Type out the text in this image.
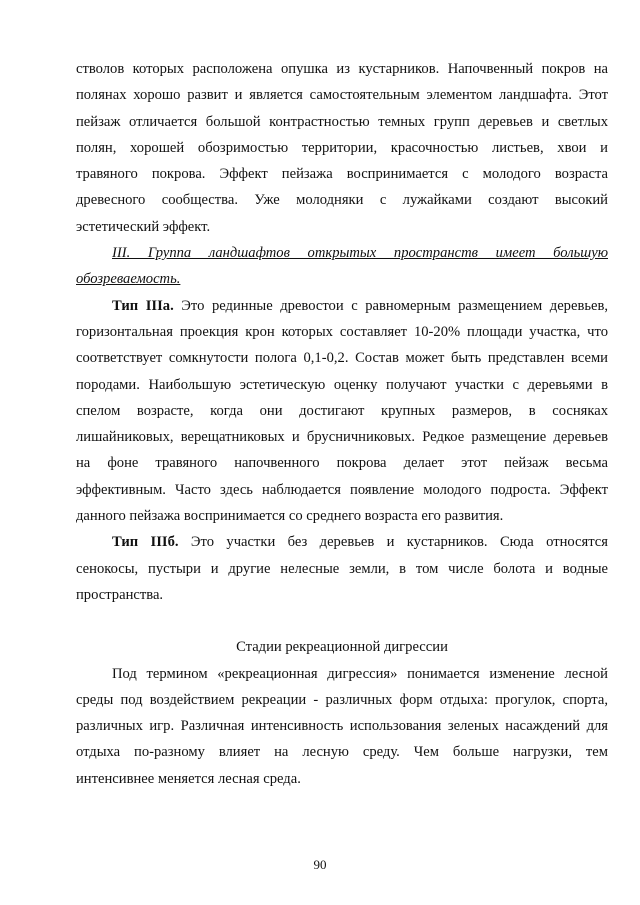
стволов которых расположена опушка из кустарников. Напочвенный покров на
полянах хорошо развит и является самостоятельным элементом ландшафта. Этот
пейзаж отличается большой контрастностью темных групп деревьев и светлых
полян, хорошей обозримостью территории, красочностью листьев, хвои и
травяного покрова. Эффект пейзажа воспринимается с молодого возраста
древесного сообщества. Уже молодняки с лужайками создают высокий
эстетический эффект.
III. Группа ландшафтов открытых пространств имеет большую
обозреваемость.
Тип IIIа. Это рединные древостои с равномерным размещением деревьев,
горизонтальная проекция крон которых составляет 10-20% площади участка, что
соответствует сомкнутости полога 0,1-0,2. Состав может быть представлен всеми
породами. Наибольшую эстетическую оценку получают участки с деревьями в
спелом возрасте, когда они достигают крупных размеров, в сосняках
лишайниковых, верещатниковых и брусничниковых. Редкое размещение деревьев
на фоне травяного напочвенного покрова делает этот пейзаж весьма
эффективным. Часто здесь наблюдается появление молодого подроста. Эффект
данного пейзажа воспринимается со среднего возраста его развития.
Тип IIIб. Это участки без деревьев и кустарников. Сюда относятся
сенокосы, пустыри и другие нелесные земли, в том числе болота и водные
пространства.
Стадии рекреационной дигрессии
Под термином «рекреационная дигрессия» понимается изменение лесной
среды под воздействием рекреации - различных форм отдыха: прогулок, спорта,
различных игр. Различная интенсивность использования зеленых насаждений для
отдыха по-разному влияет на лесную среду. Чем больше нагрузки, тем
интенсивнее меняется лесная среда.
90
